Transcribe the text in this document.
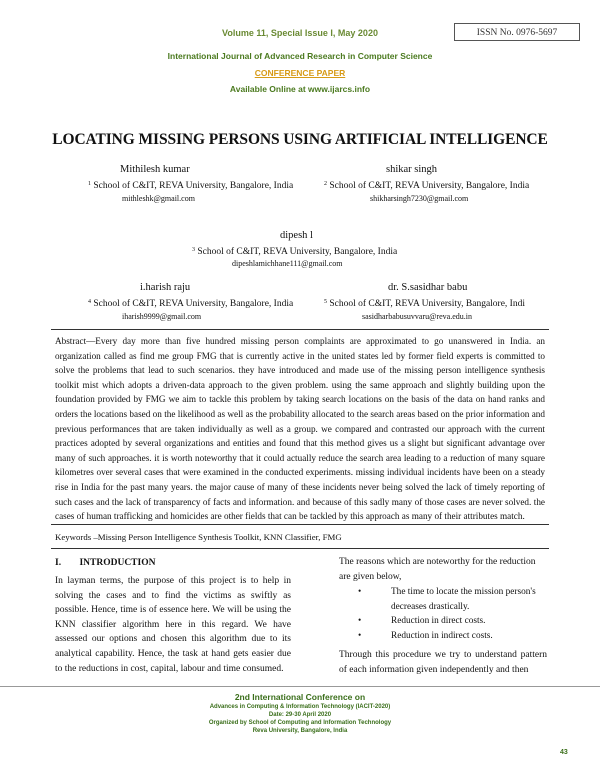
ISSN No. 0976-5697
Volume 11, Special Issue I, May 2020
International Journal of Advanced Research in Computer Science
CONFERENCE PAPER
Available Online at www.ijarcs.info
LOCATING MISSING PERSONS USING ARTIFICIAL INTELLIGENCE
Mithilesh kumar
$^1$ School of C&IT, REVA University, Bangalore, India
mithleshk@gmail.com
shikar singh
$^2$ School of C&IT, REVA University, Bangalore, India
shikharsingh7230@gmail.com
dipesh l
$^3$ School of C&IT, REVA University, Bangalore, India
dipeshlamichhane111@gmail.com
i.harish raju
$^4$ School of C&IT, REVA University, Bangalore, India
iharish9999@gmail.com
dr. S.sasidhar babu
$^5$ School of C&IT, REVA University, Bangalore, Indi
sasidharbabusuvvaru@reva.edu.in
Abstract—Every day more than five hundred missing person complaints are approximated to go unanswered in India. an organization called as find me group FMG that is currently active in the united states led by former field experts is committed to solve the problems that lead to such scenarios. they have introduced and made use of the missing person intelligence synthesis toolkit mist which adopts a driven-data approach to the given problem. using the same approach and slightly building upon the foundation provided by FMG we aim to tackle this problem by taking search locations on the basis of the data on hand ranks and orders the locations based on the likelihood as well as the probability allocated to the search areas based on the prior information and previous performances that are taken individually as well as a group. we compared and contrasted our approach with the current practices adopted by several organizations and entities and found that this method gives us a slight but significant advantage over many of such approaches. it is worth noteworthy that it could actually reduce the search area leading to a reduction of many square kilometres over several cases that were examined in the conducted experiments. missing individual incidents have been on a steady rise in India for the past many years. the major cause of many of these incidents never being solved the lack of timely reporting of such cases and the lack of transparency of facts and information. and because of this sadly many of those cases are never solved. the cases of human trafficking and homicides are other fields that can be tackled by this approach as many of their attributes match.
Keywords –Missing Person Intelligence Synthesis Toolkit, KNN Classifier, FMG
I. INTRODUCTION
In layman terms, the purpose of this project is to help in solving the cases and to find the victims as swiftly as possible. Hence, time is of essence here. We will be using the KNN classifier algorithm here in this regard. We have assessed our options and chosen this algorithm due to its analytical capability. Hence, the task at hand gets easier due to the reductions in cost, capital, labour and time consumed.
The reasons which are noteworthy for the reduction are given below,
•	The time to locate the mission person's decreases drastically.
•	Reduction in direct costs.
•	Reduction in indirect costs.
Through this procedure we try to understand pattern of each information given independently and then
2nd International Conference on
Advances in Computing & Information Technology (IACIT-2020)
Date: 29-30 April 2020
Organized by School of Computing and Information Technology
Reva University, Bangalore, India
43
